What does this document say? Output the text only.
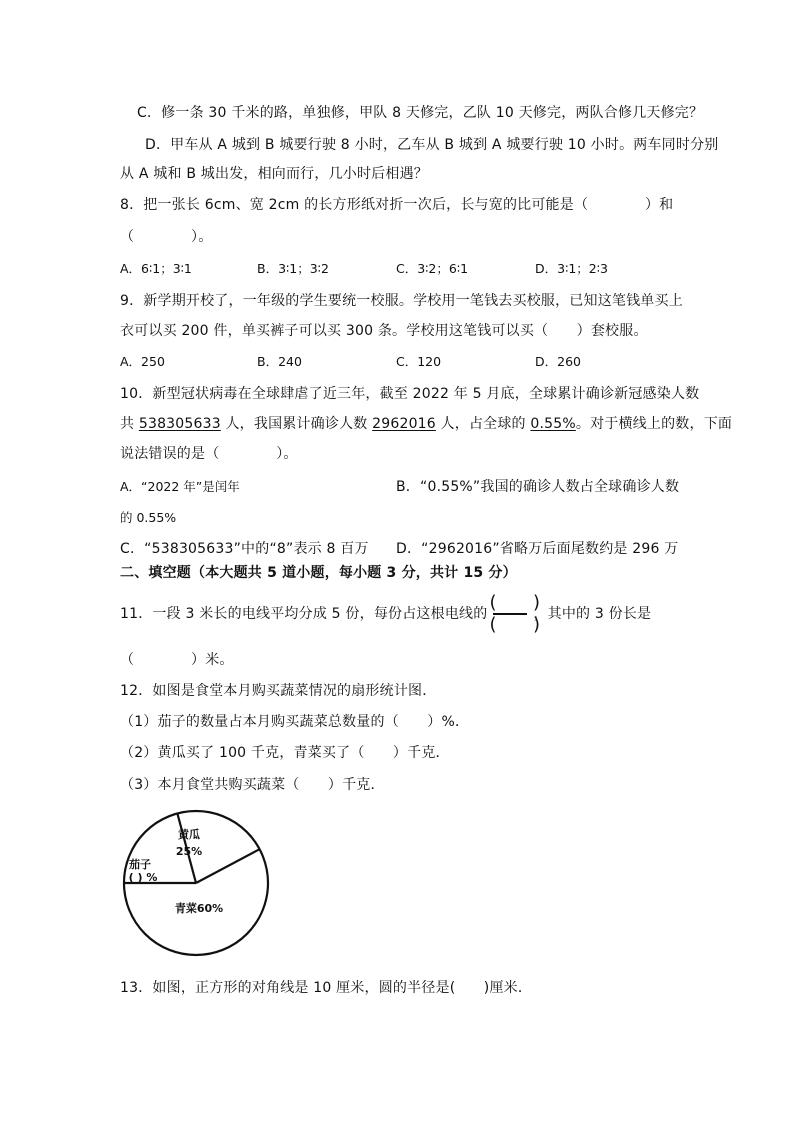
C．修一条 30 千米的路，单独修，甲队 8 天修完，乙队 10 天修完，两队合修几天修完？
D．甲车从 A 城到 B 城要行驶 8 小时，乙车从 B 城到 A 城要行驶 10 小时。两车同时分别
从 A 城和 B 城出发，相向而行，几小时后相遇？
8．把一张长 6cm、宽 2cm 的长方形纸对折一次后，长与宽的比可能是（　　　　）和
（　　　　）。
A．6∶1；3∶1	B．3∶1；3∶2	C．3∶2；6∶1	D．3∶1；2∶3
9．新学期开校了，一年级的学生要统一校服。学校用一笔钱去买校服，已知这笔钱单买上
衣可以买 200 件，单买裤子可以买 300 条。学校用这笔钱可以买（　　）套校服。
A．250	B．240	C．120	D．260
10．新型冠状病毒在全球肆虐了近三年，截至 2022 年 5 月底，全球累计确诊新冠感染人数
共 538305633 人，我国累计确诊人数 2962016 人，占全球的 0.55%。对于横线上的数，下面
说法错误的是（　　　　）。
A．“2022 年”是闰年	B．“0.55%”我国的确诊人数占全球确诊人数
的 0.55%
C．“538305633”中的“8”表示 8 百万 D．“2962016”省略万后面尾数约是 296 万
二、填空题（本大题共 5 道小题，每小题 3 分，共计 15 分）
11．一段 3 米长的电线平均分成 5 份，每份占这根电线的 $\frac{( )}{( )}$ ，其中的 3 份长是
（　　　　）米。
12．如图是食堂本月购买蔬菜情况的扇形统计图．
（1）茄子的数量占本月购买蔬菜总数量的（　　）%．
（2）黄瓜买了 100 千克，青菜买了（　　）千克．
（3）本月食堂共购买蔬菜（　　）千克．
黄瓜
25%
茄子
( ) %
青菜60%
13．如图，正方形的对角线是 10 厘米，圆的半径是(　　)厘米．
